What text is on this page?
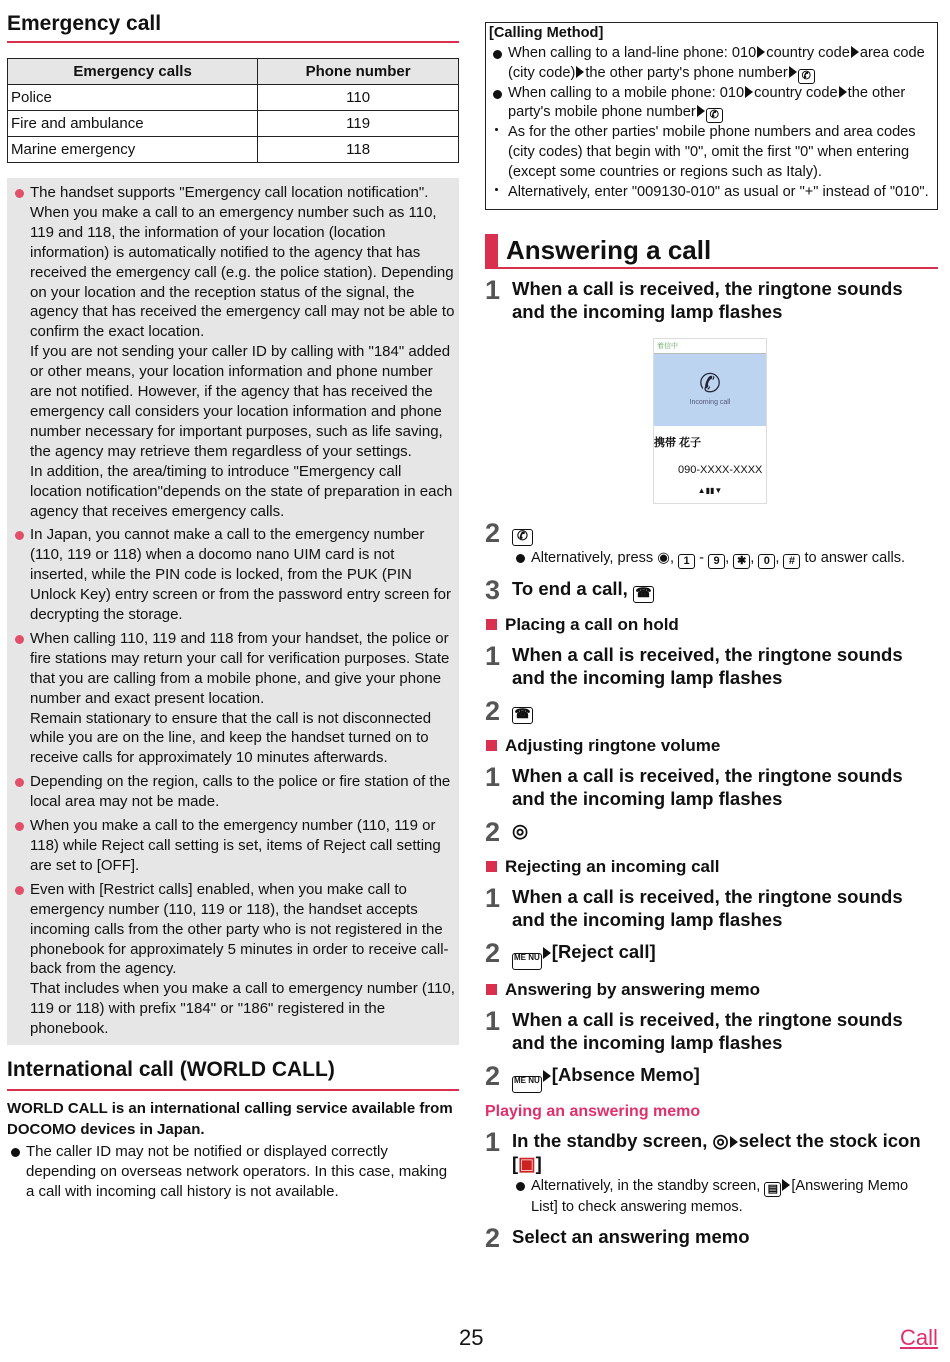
Emergency call
Emergency calls	Phone number
Police	110
Fire and ambulance	119
Marine emergency	118
The handset supports "Emergency call location notification". When you make a call to an emergency number such as 110, 119 and 118, the information of your location (location information) is automatically notified to the agency that has received the emergency call (e.g. the police station). Depending on your location and the reception status of the signal, the agency that has received the emergency call may not be able to confirm the exact location.
If you are not sending your caller ID by calling with "184" added or other means, your location information and phone number are not notified. However, if the agency that has received the emergency call considers your location information and phone number necessary for important purposes, such as life saving, the agency may retrieve them regardless of your settings.
In addition, the area/timing to introduce "Emergency call location notification"depends on the state of preparation in each agency that receives emergency calls.
In Japan, you cannot make a call to the emergency number (110, 119 or 118) when a docomo nano UIM card is not inserted, while the PIN code is locked, from the PUK (PIN Unlock Key) entry screen or from the password entry screen for decrypting the storage.
When calling 110, 119 and 118 from your handset, the police or fire stations may return your call for verification purposes. State that you are calling from a mobile phone, and give your phone number and exact present location.
Remain stationary to ensure that the call is not disconnected while you are on the line, and keep the handset turned on to receive calls for approximately 10 minutes afterwards.
Depending on the region, calls to the police or fire station of the local area may not be made.
When you make a call to the emergency number (110, 119 or 118) while Reject call setting is set, items of Reject call setting are set to [OFF].
Even with [Restrict calls] enabled, when you make call to emergency number (110, 119 or 118), the handset accepts incoming calls from the other party who is not registered in the phonebook for approximately 5 minutes in order to receive call-back from the agency.
That includes when you make a call to emergency number (110, 119 or 118) with prefix "184" or "186" registered in the phonebook.
International call (WORLD CALL)
WORLD CALL is an international calling service available from DOCOMO devices in Japan.
The caller ID may not be notified or displayed correctly depending on overseas network operators. In this case, making a call with incoming call history is not available.
[Calling Method]
When calling to a land-line phone: 010 country code area code (city code) the other party's phone number ✆
When calling to a mobile phone: 010 country code the other party's mobile phone number ✆
As for the other parties' mobile phone numbers and area codes (city codes) that begin with "0", omit the first "0" when entering (except some countries or regions such as Italy).
Alternatively, enter "009130-010" as usual or "+" instead of "010".
Answering a call
1 When a call is received, the ringtone sounds and the incoming lamp flashes
着信中
✆
Incoming call
携帯 花子
090-XXXX-XXXX
▲▮▮▼
2	✆
Alternatively, press ◉, 1 - 9 , ✱ , 0 , # to answer calls.
3 To end a call, ☎
Placing a call on hold
1 When a call is received, the ringtone sounds and the incoming lamp flashes
2	☎
Adjusting ringtone volume
1 When a call is received, the ringtone sounds and the incoming lamp flashes
2 ◎
Rejecting an incoming call
1 When a call is received, the ringtone sounds and the incoming lamp flashes
2	ME NU [Reject call]
Answering by answering memo
1 When a call is received, the ringtone sounds and the incoming lamp flashes
2	ME NU [Absence Memo]
Playing an answering memo
1 In the standby screen, ◎ select the stock icon
[▣]
Alternatively, in the standby screen, ▤ [Answering Memo List] to check answering memos.
2 Select an answering memo
25	Call
